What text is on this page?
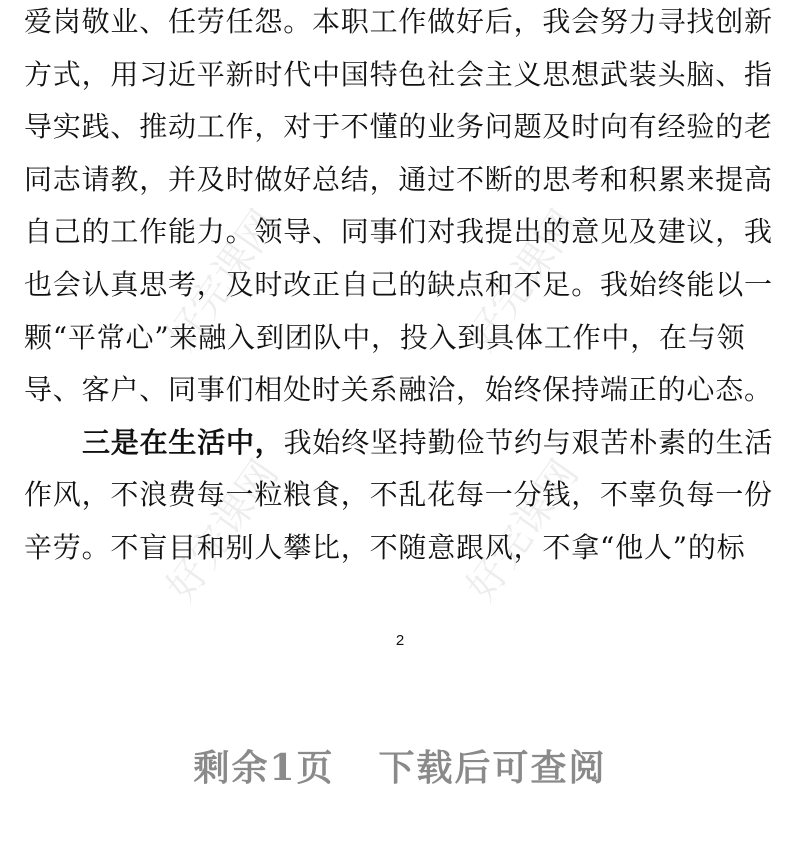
好完课网	好完课网
好完课网	好完课网
爱岗敬业、任劳任怨。本职工作做好后，我会努力寻找创新
方式，用习近平新时代中国特色社会主义思想武装头脑、指
导实践、推动工作，对于不懂的业务问题及时向有经验的老
同志请教，并及时做好总结，通过不断的思考和积累来提高
自己的工作能力。领导、同事们对我提出的意见及建议，我
也会认真思考，及时改正自己的缺点和不足。我始终能以一
颗“平常心”来融入到团队中，投入到具体工作中，在与领
导、客户、同事们相处时关系融洽，始终保持端正的心态。
三是在生活中，我始终坚持勤俭节约与艰苦朴素的生活
作风，不浪费每一粒粮食，不乱花每一分钱，不辜负每一份
辛劳。不盲目和别人攀比，不随意跟风，不拿“他人”的标
2
剩余1页 下载后可查阅
